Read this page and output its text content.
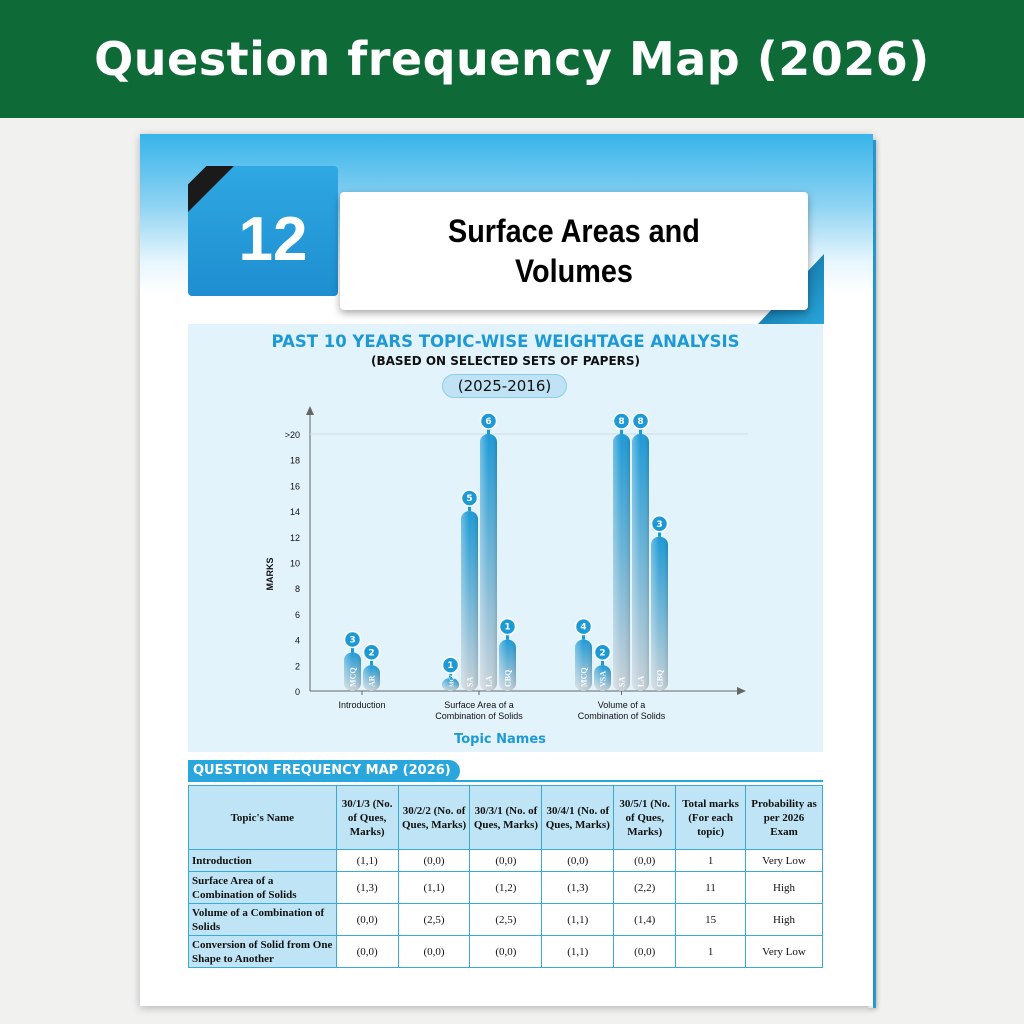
Question frequency Map (2026)
12	Surface Areas and
Volumes
PAST 10 YEARS TOPIC-WISE WEIGHTAGE ANALYSIS
(BASED ON SELECTED SETS OF PAPERS)
(2025-2016)
0
2
4
6
8
10
12
14
16
18
>20
MARKS
Topic Names
3
MCQ
2
AR
Introduction
1
MCQ
5
SA
6
LA
1
CBQ
Surface Area of a
Combination of Solids
4
MCQ
2
VSA
8
SA
8
LA
3
CBQ
Volume of a
Combination of Solids
QUESTION FREQUENCY MAP (2026)
Topic's Name	30/1/3 (No. of Ques, Marks)	30/2/2 (No. of Ques, Marks)	30/3/1 (No. of Ques, Marks)	30/4/1 (No. of Ques, Marks)	30/5/1 (No. of Ques, Marks)	Total marks (For each topic)	Probability as per 2026 Exam
Introduction	(1,1)	(0,0)	(0,0)	(0,0)	(0,0)	1	Very Low
Surface Area of a Combination of Solids	(1,3)	(1,1)	(1,2)	(1,3)	(2,2)	11	High
Volume of a Combination of Solids	(0,0)	(2,5)	(2,5)	(1,1)	(1,4)	15	High
Conversion of Solid from One Shape to Another	(0,0)	(0,0)	(0,0)	(1,1)	(0,0)	1	Very Low
